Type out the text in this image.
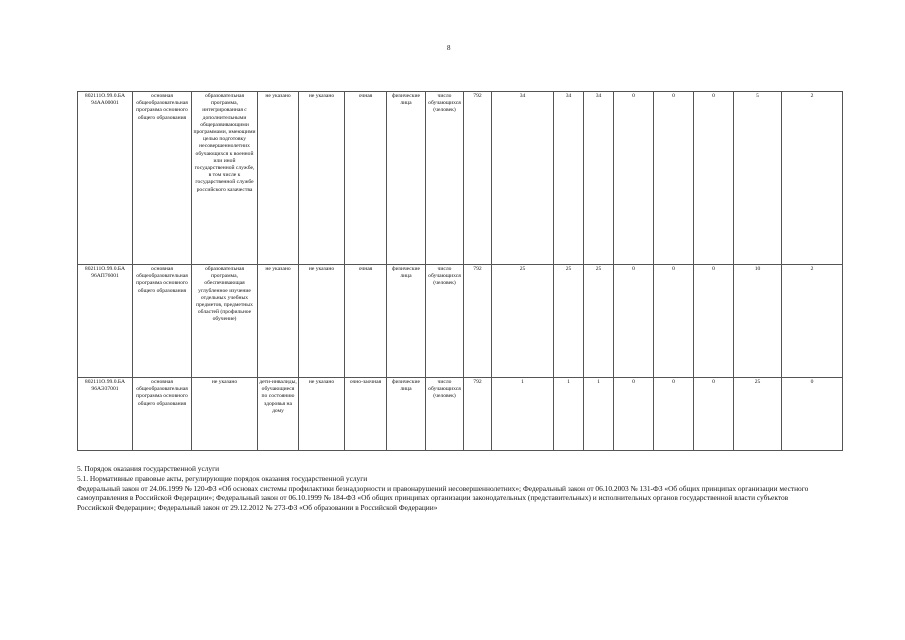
8
802111О.99.0.БА 94АА00001	основная общеобразовательная программа основного общего образования	образовательная программа, интегрированная с дополнительными общеразвивающими программами, имеющими целью подготовку несовершеннолетних обучающихся к военной или иной государственной службе, в том числе к государственной службе российского казачества	не указано	не указано	очная	физические лица	число обучающихся (человек)	792	34	34	34	0	0	0	5	2
802111О.99.0.БА 96АП76001	основная общеобразовательная программа основного общего образования	образовательная программа, обеспечивающая углубленное изучение отдельных учебных предметов, предметных областей (профильное обучение)	не указано	не указано	очная	физические лица	число обучающихся (человек)	792	25	25	25	0	0	0	10	2
802111О.99.0.БА 96АЭ37001	основная общеобразовательная программа основного общего образования	не указано	дети-инвалиды, обучающиеся по состоянию здоровья на дому	не указано	очно-заочная	физические лица	число обучающихся (человек)	792	1	1	1	0	0	0	25	0

5. Порядок оказания государственной услуги

5.1. Нормативные правовые акты, регулирующие порядок оказания государственной услуги

Федеральный закон от 24.06.1999 № 120-ФЗ «Об основах системы профилактики безнадзорности и правонарушений несовершеннолетних»; Федеральный закон от 06.10.2003 № 131-ФЗ «Об общих принципах организации местного самоуправления в Российской Федерации»; Федеральный закон от 06.10.1999 № 184-ФЗ «Об общих принципах организации законодательных (представительных) и исполнительных органов государственной власти субъектов Российской Федерации»; Федеральный закон от 29.12.2012 № 273-ФЗ «Об образовании в Российской Федерации»
